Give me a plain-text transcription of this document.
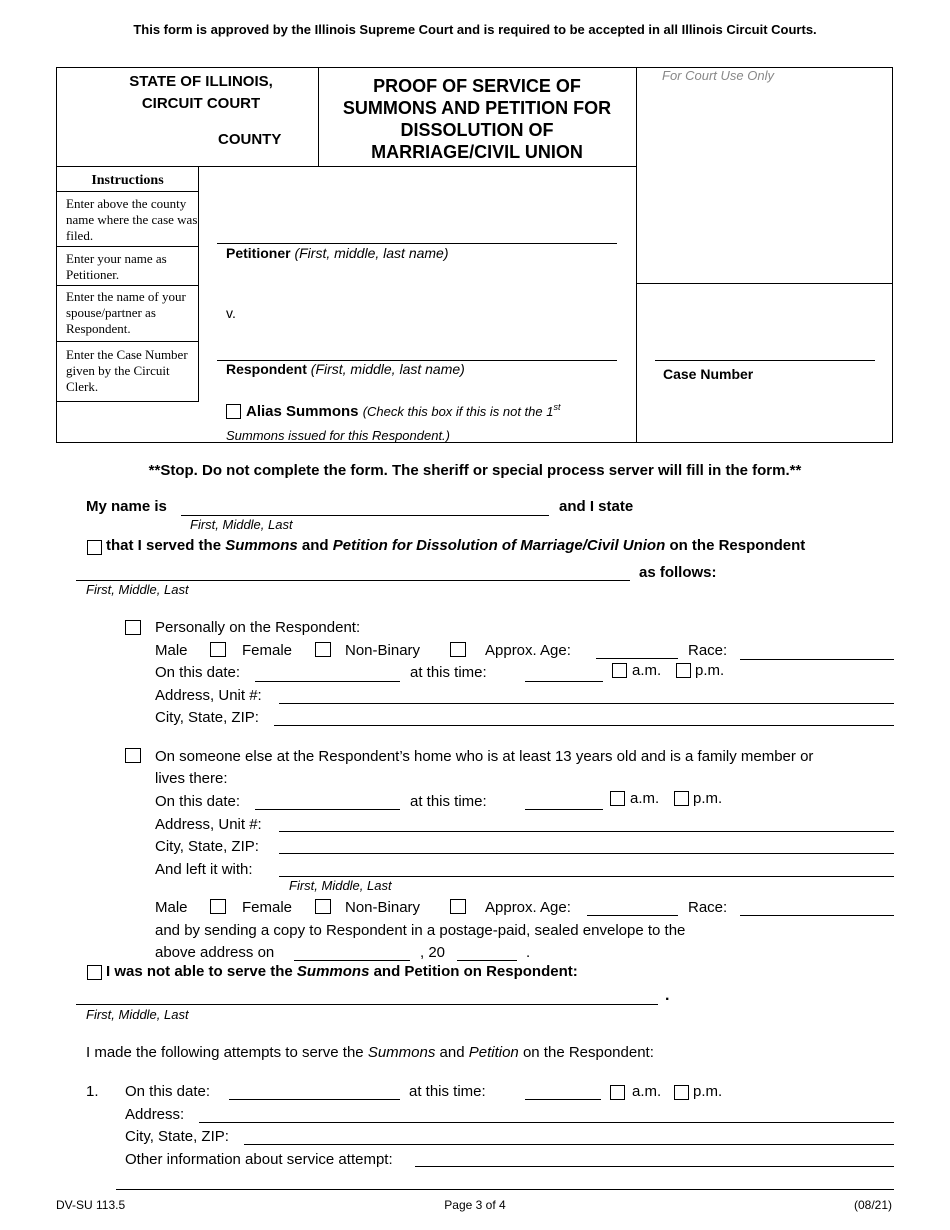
This form is approved by the Illinois Supreme Court and is required to be accepted in all Illinois Circuit Courts.
STATE OF ILLINOIS,
CIRCUIT COURT
COUNTY
PROOF OF SERVICE OF
SUMMONS AND PETITION FOR
DISSOLUTION OF
MARRIAGE/CIVIL UNION
For Court Use Only
Instructions
Enter above the county name where the case was filed.
Enter your name as Petitioner.
Enter the name of your spouse/partner as Respondent.
Enter the Case Number given by the Circuit Clerk.
Petitioner (First, middle, last name)
v.
Respondent (First, middle, last name)	Case Number
Alias Summons (Check this box if this is not the 1st
Summons issued for this Respondent.)
**Stop. Do not complete the form. The sheriff or special process server will fill in the form.**
My name is	and I state
First, Middle, Last
that I served the Summons and Petition for Dissolution of Marriage/Civil Union on the Respondent
as follows:
First, Middle, Last
Personally on the Respondent:
Male	Female	Non-Binary	Approx. Age:	Race:
On this date:	at this time:	a.m. p.m.
Address, Unit #:
City, State, ZIP:
On someone else at the Respondent’s home who is at least 13 years old and is a family member or
lives there:
On this date:	at this time:	a.m. p.m.
Address, Unit #:
City, State, ZIP:
And left it with:
First, Middle, Last
Male	Female	Non-Binary	Approx. Age:	Race:
and by sending a copy to Respondent in a postage-paid, sealed envelope to the
above address on	, 20	.
I was not able to serve the Summons and Petition on Respondent:
.
First, Middle, Last
I made the following attempts to serve the Summons and Petition on the Respondent:
1. On this date:	at this time:	a.m. p.m.
Address:
City, State, ZIP:
Other information about service attempt:
DV-SU 113.5	Page 3 of 4	(08/21)
